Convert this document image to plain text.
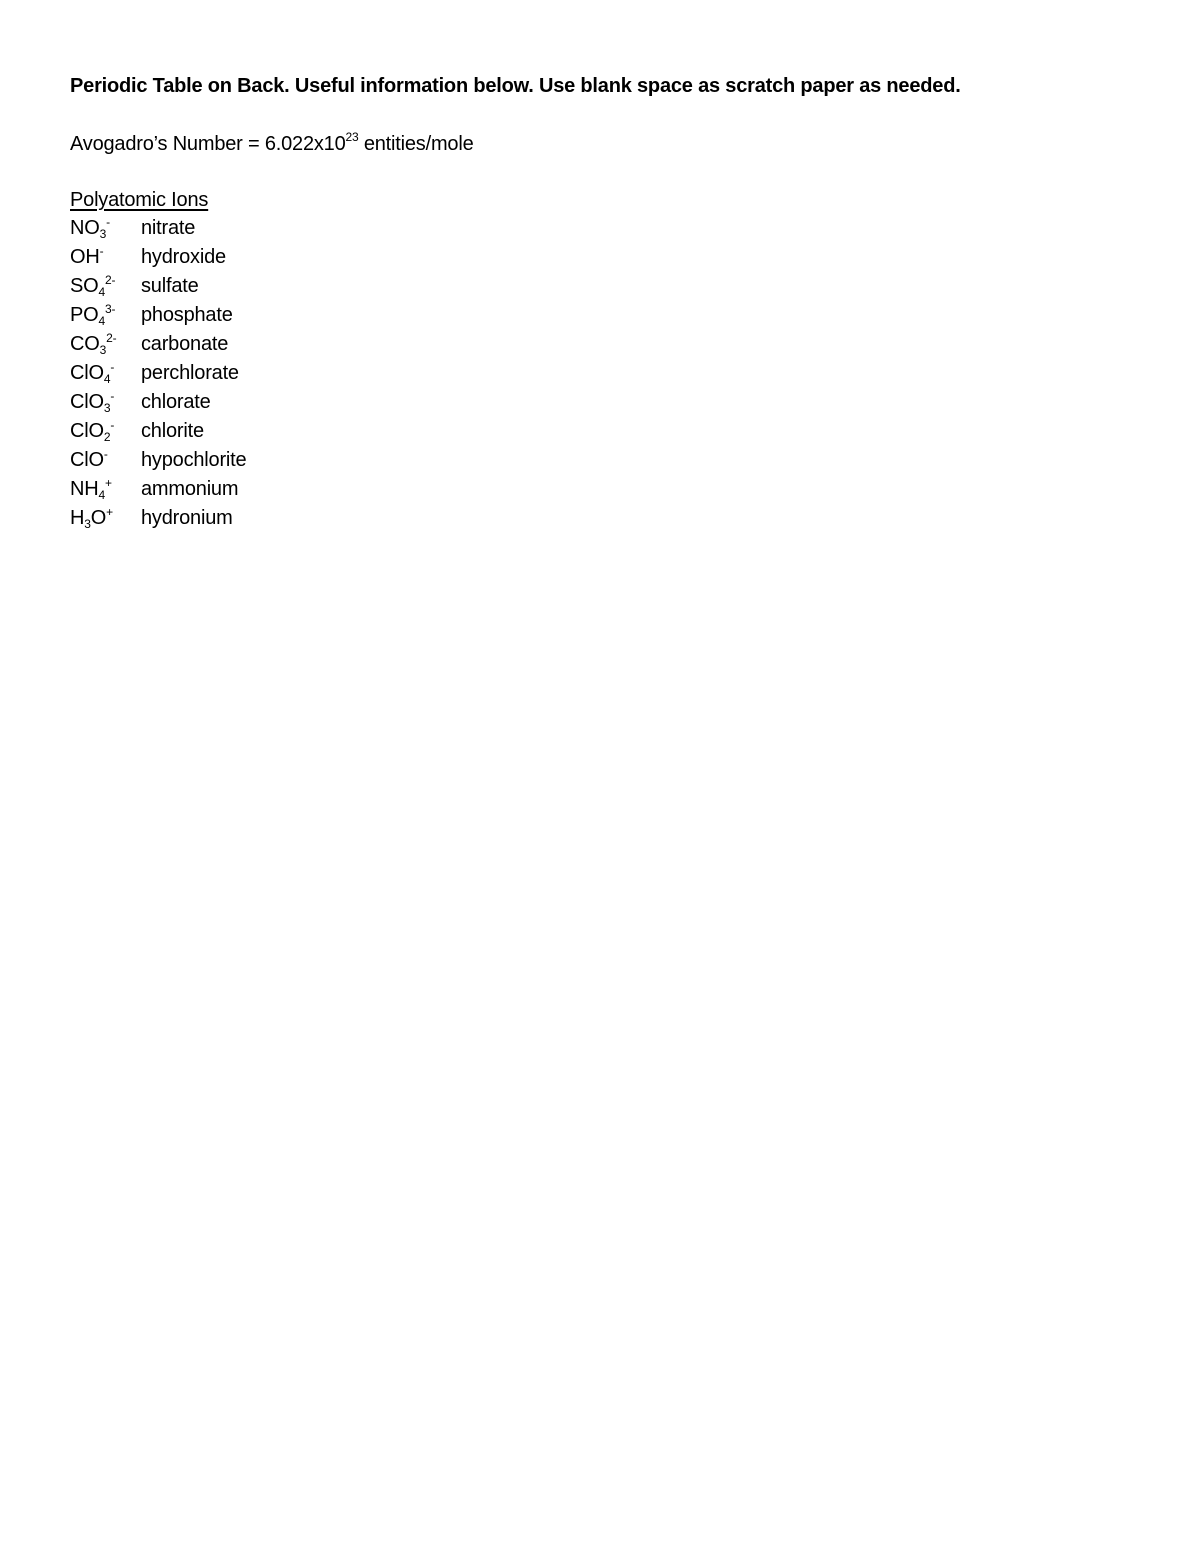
Periodic Table on Back. Useful information below. Use blank space as scratch paper as needed.

Avogadro’s Number = $6.022x10^{23}$ entities/mole
Polyatomic Ions
$NO_3^-$	nitrate
OH-	hydroxide
$SO_4^{2-}$	sulfate
$PO_4^{3-}$	phosphate
$CO_3^{2-}$	carbonate
ClO$_4$-	perchlorate
ClO$_3$-	chlorate
ClO$_2$-	chlorite
ClO-	hypochlorite
$NH_4^+$	ammonium
$H_3O^+$	hydronium
